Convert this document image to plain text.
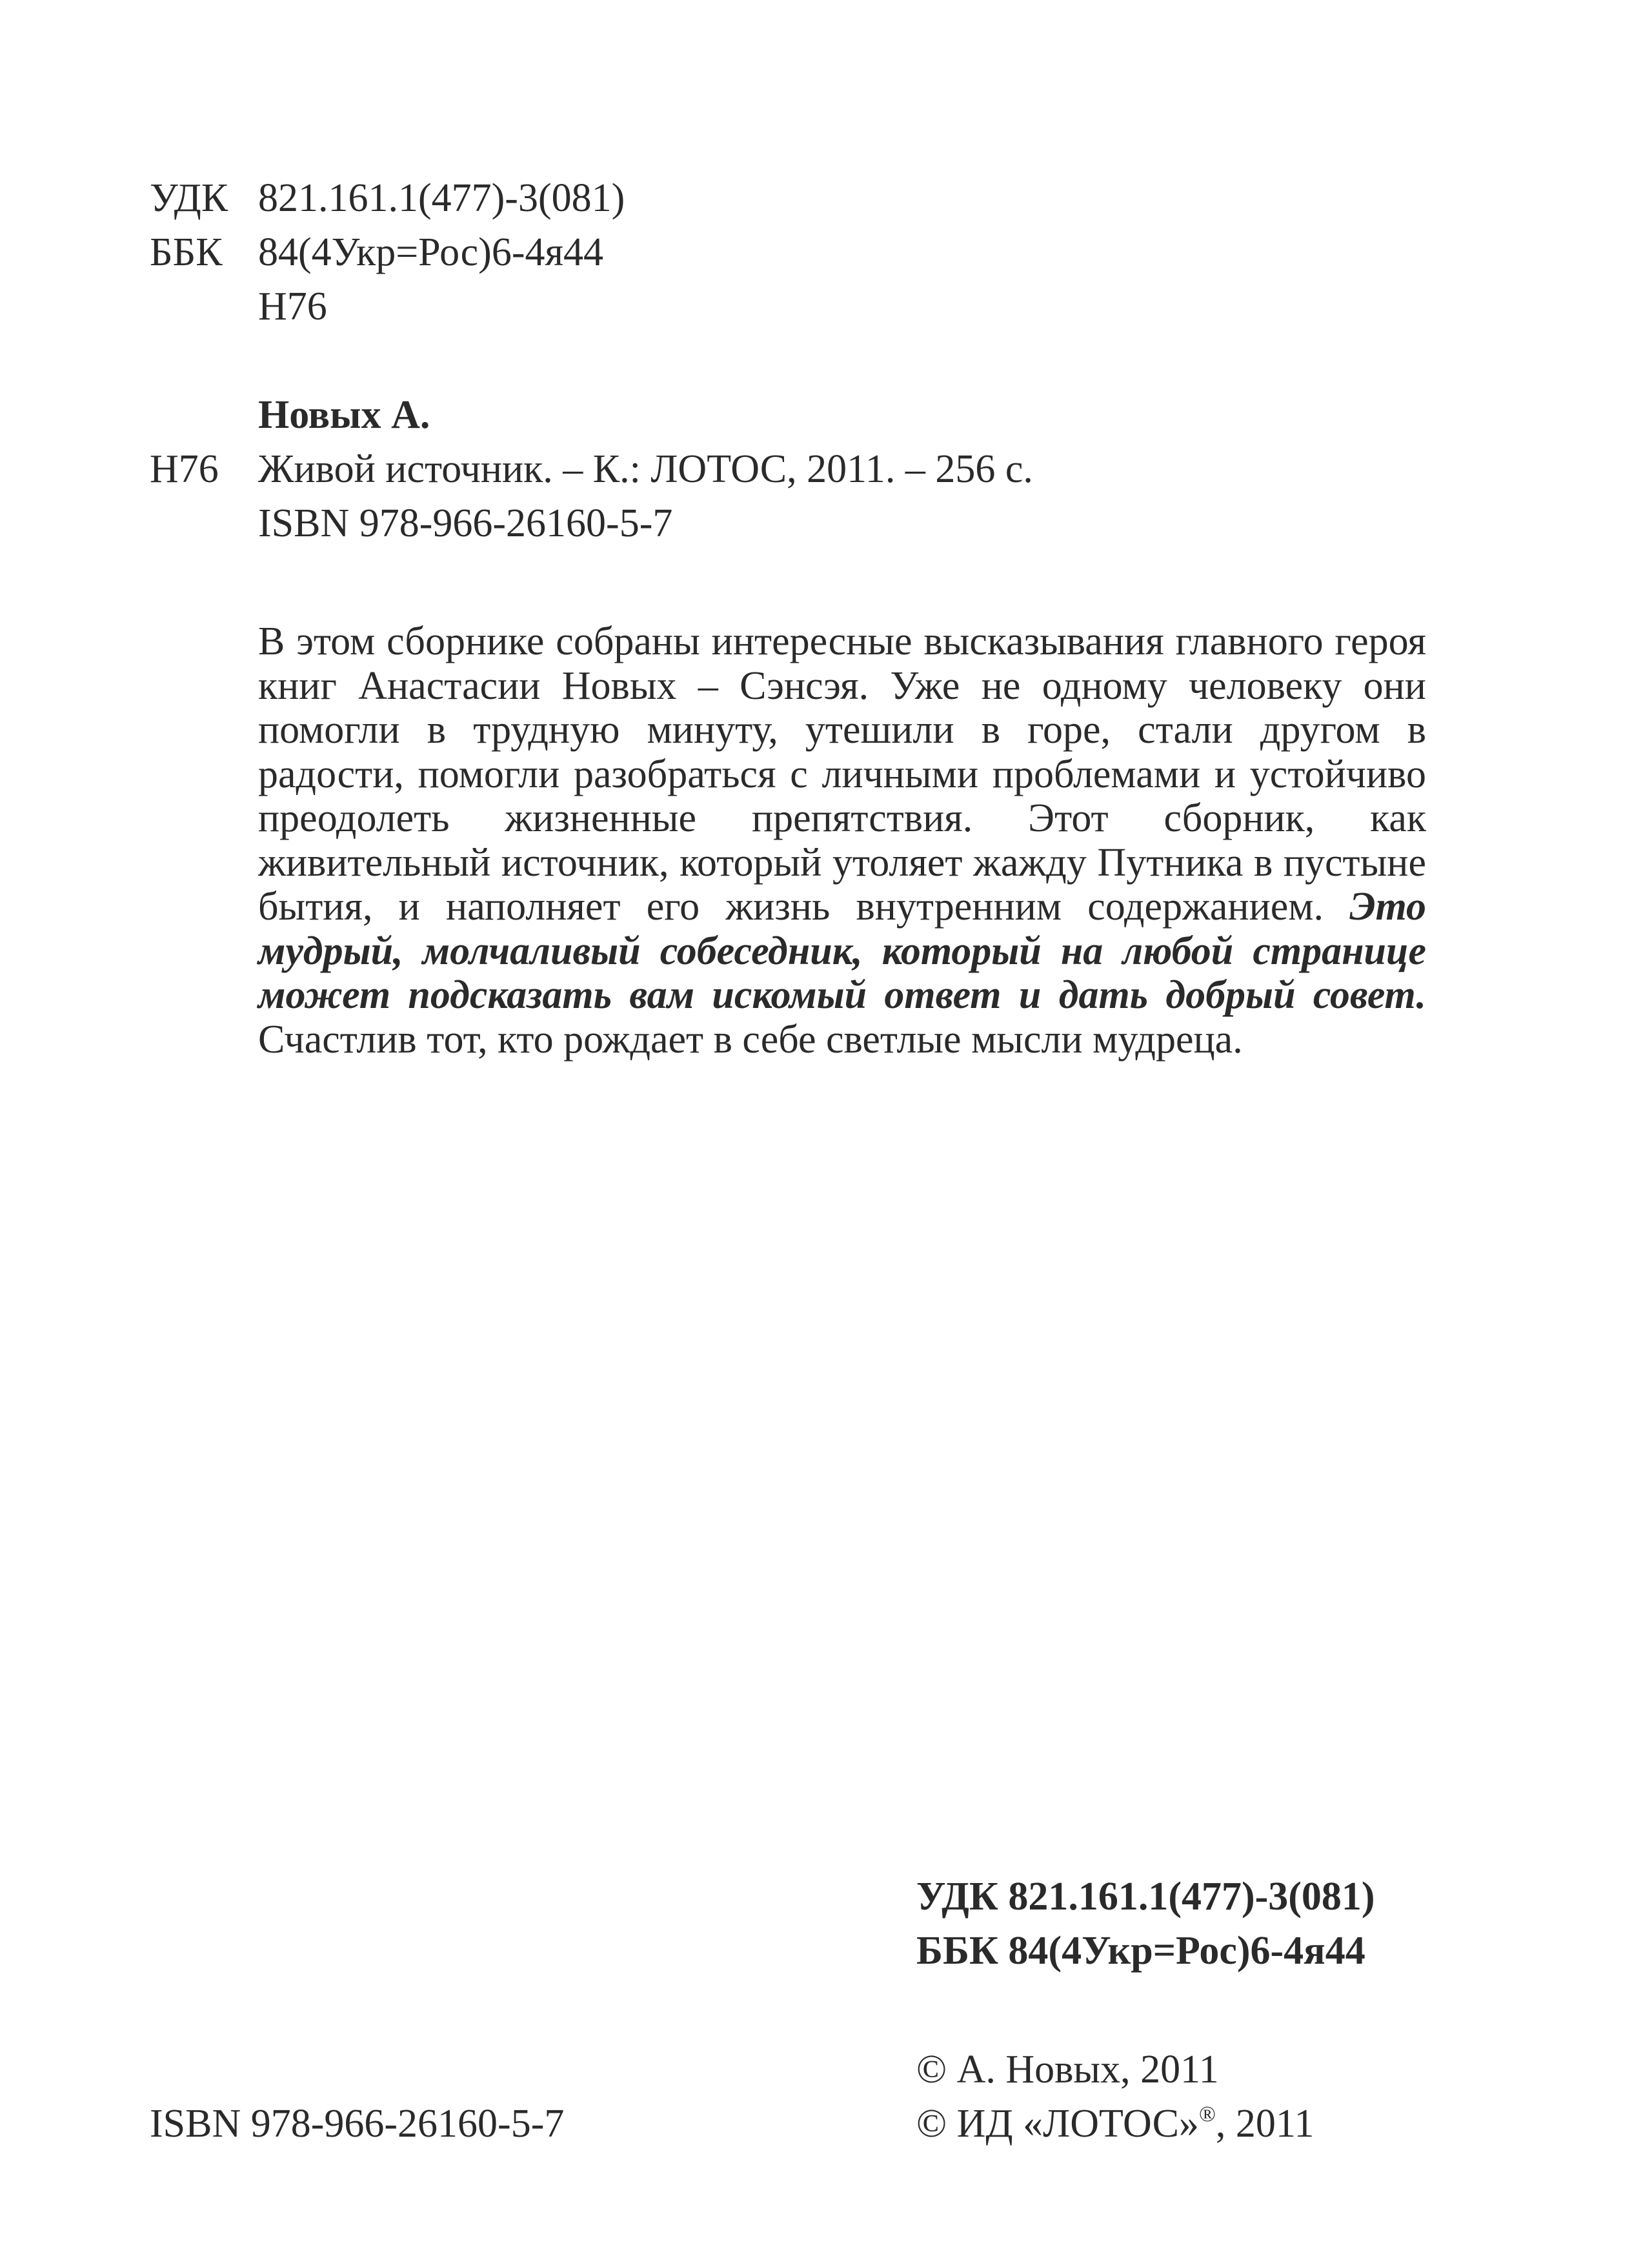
УДК 821.161.1(477)-3(081)
ББК 84(4Укр=Рос)6-4я44
Н76
Новых А.
Н76 Живой источник. – К.: ЛОТОС, 2011. – 256 с.
ISBN 978-966-26160-5-7

В этом сборнике собраны интересные высказывания главного героя книг Анастасии Новых – Сэнсэя. Уже не одному человеку они помогли в трудную минуту, утешили в горе, стали другом в радости, помогли разобраться с личными проблемами и устойчиво преодолеть жизненные препятствия. Этот сборник, как живительный источник, который утоляет жажду Путника в пустыне бытия, и наполняет его жизнь внутренним содержанием. Это мудрый, молчаливый собеседник, который на любой странице может подсказать вам искомый ответ и дать добрый совет. Счастлив тот, кто рождает в себе светлые мысли мудреца.

УДК 821.161.1(477)-3(081)
ББК 84(4Укр=Рос)6-4я44
© А. Новых, 2011
© ИД «ЛОТОС»®, 2011
ISBN 978-966-26160-5-7
